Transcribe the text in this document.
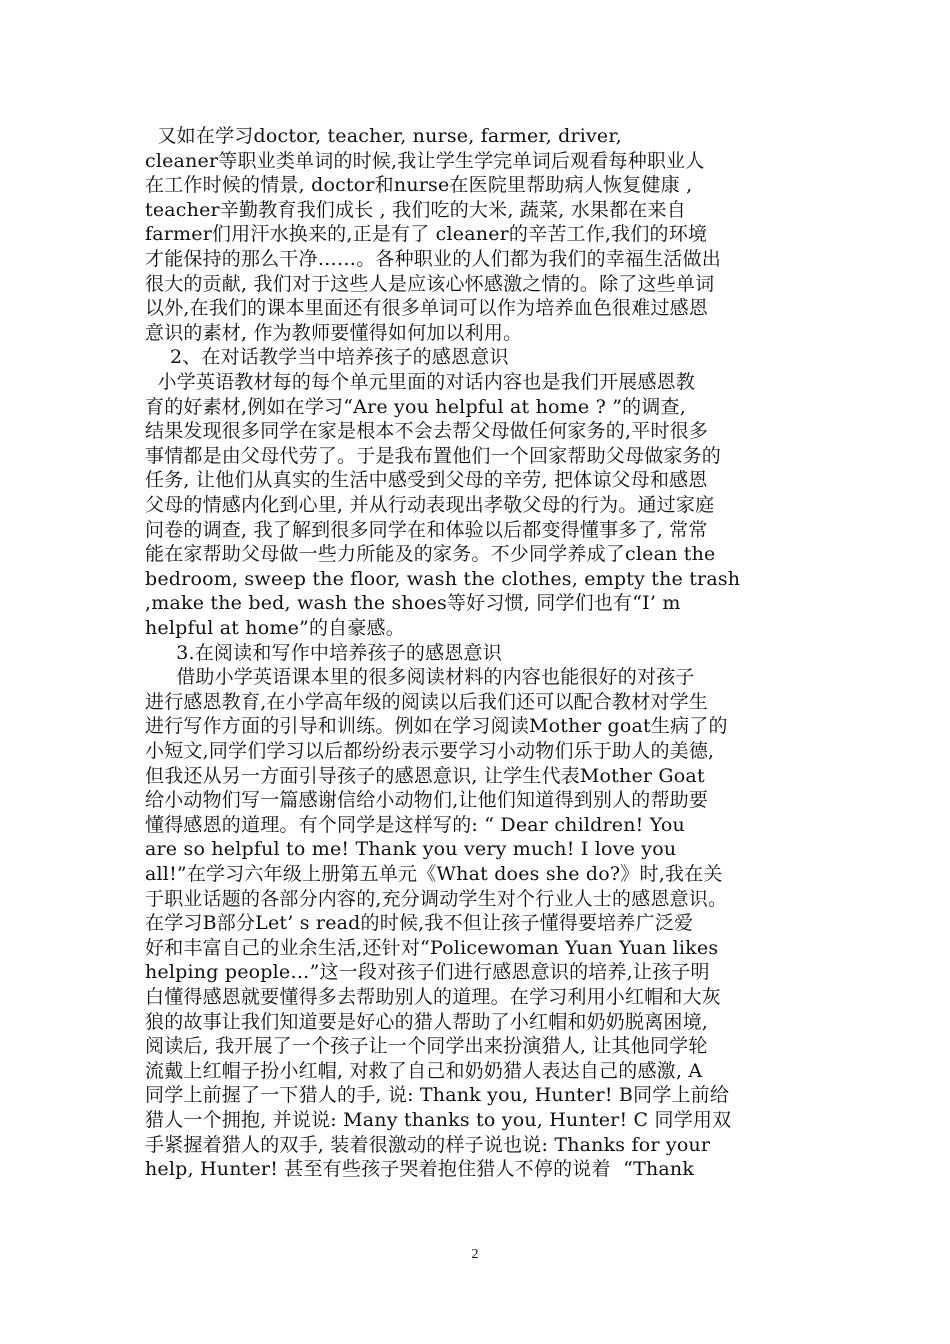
又如在学习doctor, teacher, nurse, farmer, driver,
cleaner等职业类单词的时候,我让学生学完单词后观看每种职业人
在工作时候的情景, doctor和nurse在医院里帮助病人恢复健康 ,
teacher辛勤教育我们成长 , 我们吃的大米, 蔬菜, 水果都在来自
farmer们用汗水换来的,正是有了 cleaner的辛苦工作,我们的环境
才能保持的那么干净……。各种职业的人们都为我们的幸福生活做出
很大的贡献, 我们对于这些人是应该心怀感激之情的。除了这些单词
以外,在我们的课本里面还有很多单词可以作为培养血色很难过感恩
意识的素材, 作为教师要懂得如何加以利用。
2、在对话教学当中培养孩子的感恩意识
小学英语教材每的每个单元里面的对话内容也是我们开展感恩教
育的好素材,例如在学习“Are you helpful at home ? ”的调查,
结果发现很多同学在家是根本不会去帮父母做任何家务的,平时很多
事情都是由父母代劳了。于是我布置他们一个回家帮助父母做家务的
任务, 让他们从真实的生活中感受到父母的辛劳, 把体谅父母和感恩
父母的情感内化到心里, 并从行动表现出孝敬父母的行为。通过家庭
问卷的调查, 我了解到很多同学在和体验以后都变得懂事多了, 常常
能在家帮助父母做一些力所能及的家务。不少同学养成了clean the
bedroom, sweep the floor, wash the clothes, empty the trash
,make the bed, wash the shoes等好习惯, 同学们也有“I’ m
helpful at home”的自豪感。
3.在阅读和写作中培养孩子的感恩意识
借助小学英语课本里的很多阅读材料的内容也能很好的对孩子
进行感恩教育,在小学高年级的阅读以后我们还可以配合教材对学生
进行写作方面的引导和训练。例如在学习阅读Mother goat生病了的
小短文,同学们学习以后都纷纷表示要学习小动物们乐于助人的美德,
但我还从另一方面引导孩子的感恩意识, 让学生代表Mother Goat
给小动物们写一篇感谢信给小动物们,让他们知道得到别人的帮助要
懂得感恩的道理。有个同学是这样写的: “ Dear children! You
are so helpful to me! Thank you very much! I love you
all!”在学习六年级上册第五单元《What does she do?》时,我在关
于职业话题的各部分内容的,充分调动学生对个行业人士的感恩意识。
在学习B部分Let’ s read的时候,我不但让孩子懂得要培养广泛爱
好和丰富自己的业余生活,还针对“Policewoman Yuan Yuan likes
helping people…”这一段对孩子们进行感恩意识的培养,让孩子明
白懂得感恩就要懂得多去帮助别人的道理。在学习利用小红帽和大灰
狼的故事让我们知道要是好心的猎人帮助了小红帽和奶奶脱离困境,
阅读后, 我开展了一个孩子让一个同学出来扮演猎人, 让其他同学轮
流戴上红帽子扮小红帽, 对救了自己和奶奶猎人表达自己的感激, A
同学上前握了一下猎人的手, 说: Thank you, Hunter! B同学上前给
猎人一个拥抱, 并说说: Many thanks to you, Hunter! C 同学用双
手紧握着猎人的双手, 装着很激动的样子说也说: Thanks for your
help, Hunter! 甚至有些孩子哭着抱住猎人不停的说着  “Thank
2
